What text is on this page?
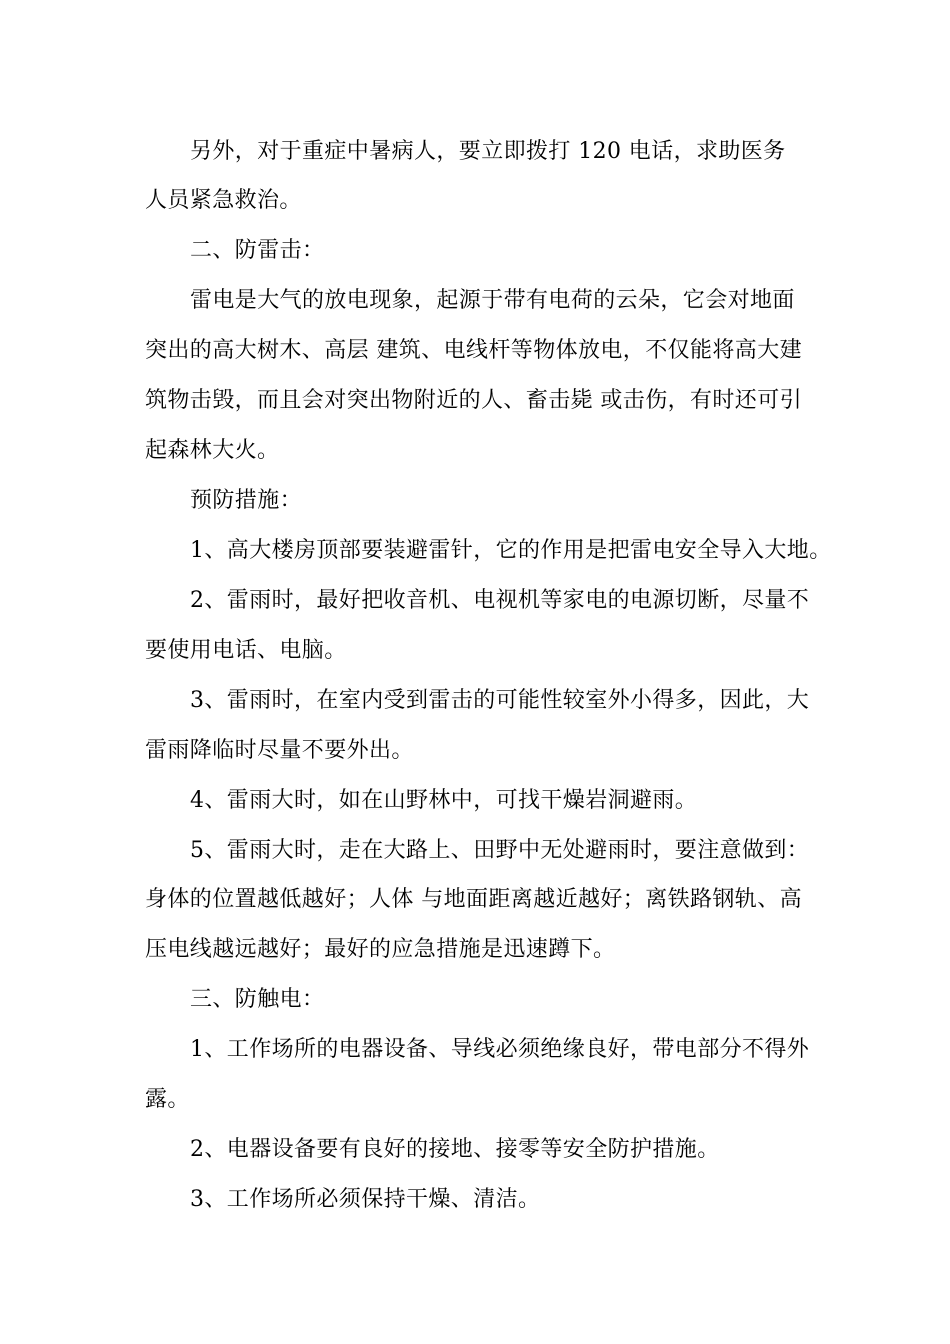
另外，对于重症中暑病人，要立即拨打 120 电话，求助医务
人员紧急救治。
二、防雷击：
雷电是大气的放电现象，起源于带有电荷的云朵，它会对地面
突出的高大树木、高层 建筑、电线杆等物体放电，不仅能将高大建
筑物击毁，而且会对突出物附近的人、畜击毙 或击伤，有时还可引
起森林大火。
预防措施：
1、高大楼房顶部要装避雷针，它的作用是把雷电安全导入大地。
2、雷雨时，最好把收音机、电视机等家电的电源切断，尽量不
要使用电话、电脑。
3、雷雨时，在室内受到雷击的可能性较室外小得多，因此，大
雷雨降临时尽量不要外出。
4、雷雨大时，如在山野林中，可找干燥岩洞避雨。
5、雷雨大时，走在大路上、田野中无处避雨时，要注意做到：
身体的位置越低越好；人体 与地面距离越近越好；离铁路钢轨、高
压电线越远越好；最好的应急措施是迅速蹲下。
三、防触电：
1、工作场所的电器设备、导线必须绝缘良好，带电部分不得外
露。
2、电器设备要有良好的接地、接零等安全防护措施。
3、工作场所必须保持干燥、清洁。
